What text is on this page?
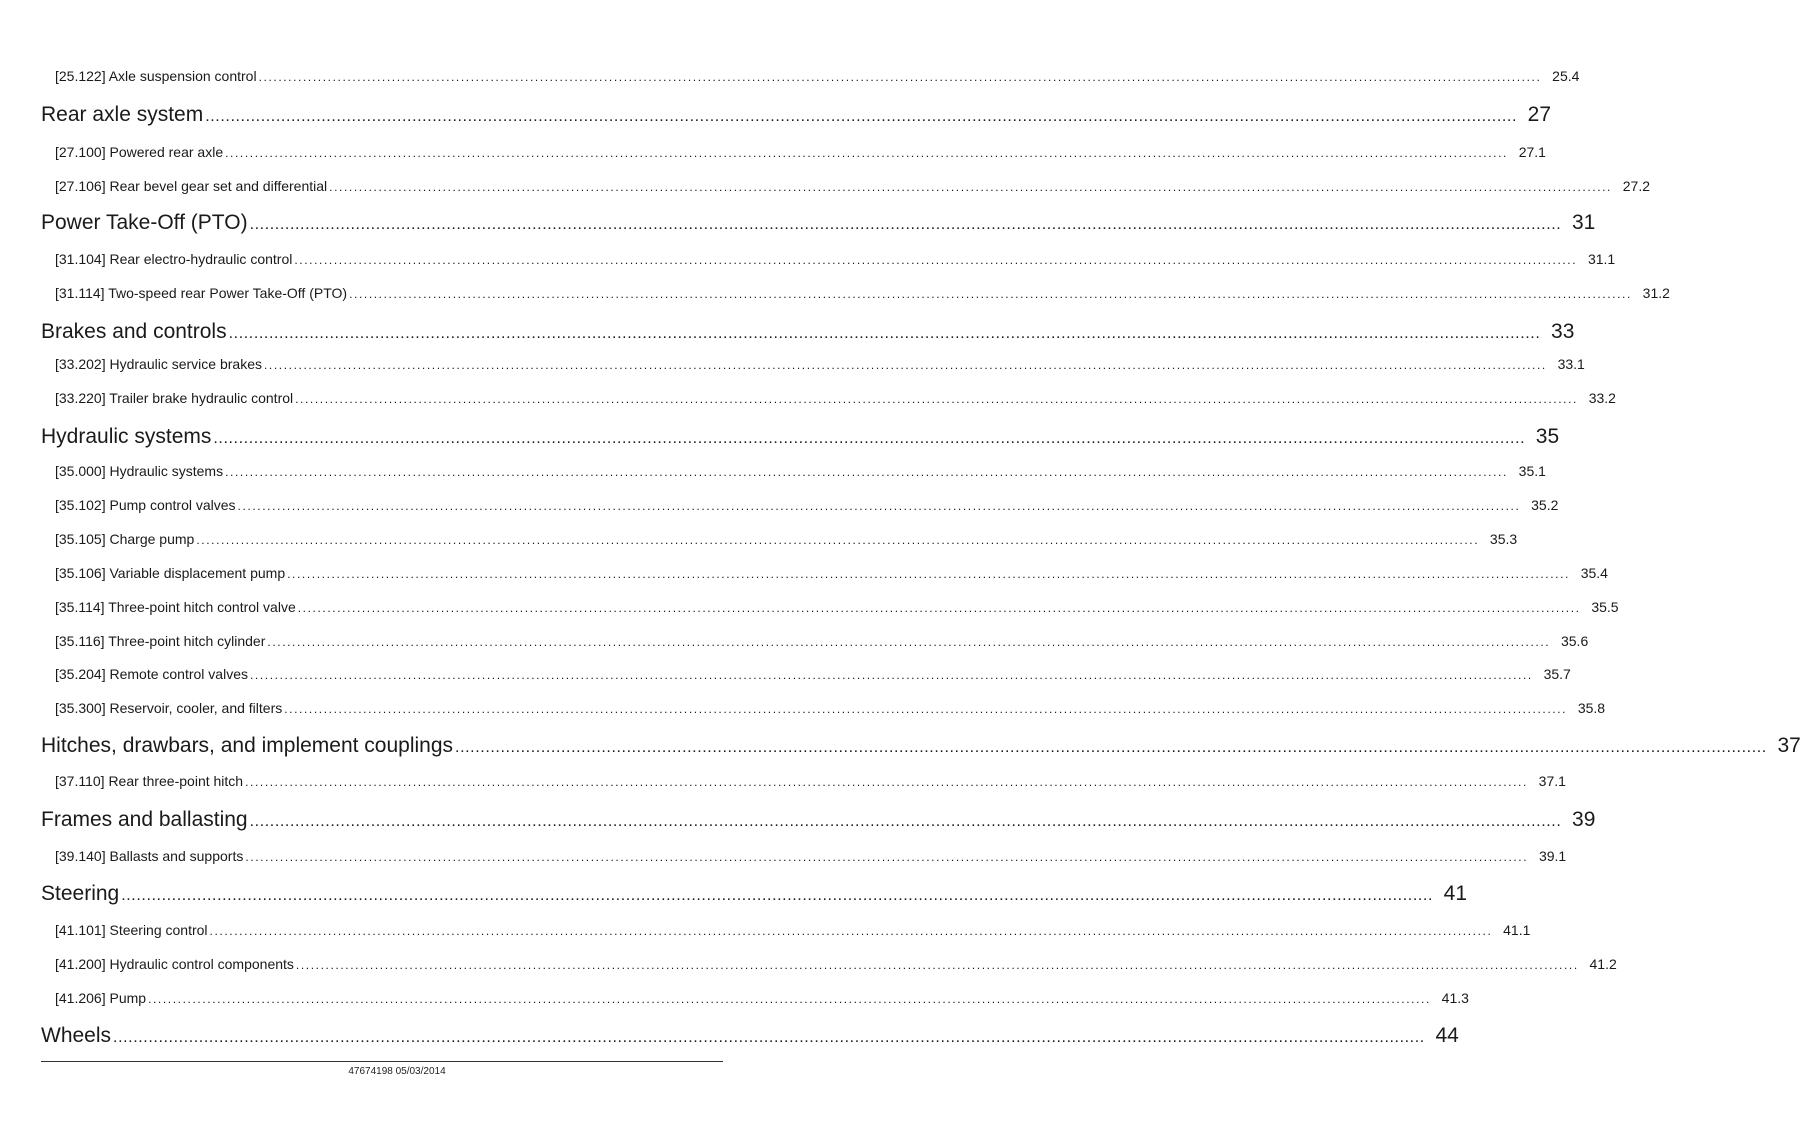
[25.122] Axle suspension control .................................................................................................................................................................................................................................................................... 25.4
Rear axle system .................................................................................................................................................................................................................................................................... 27
[27.100] Powered rear axle .................................................................................................................................................................................................................................................................... 27.1
[27.106] Rear bevel gear set and differential .................................................................................................................................................................................................................................................................... 27.2
Power Take-Off (PTO) .................................................................................................................................................................................................................................................................... 31
[31.104] Rear electro-hydraulic control .................................................................................................................................................................................................................................................................... 31.1
[31.114] Two-speed rear Power Take-Off (PTO) .................................................................................................................................................................................................................................................................... 31.2
Brakes and controls .................................................................................................................................................................................................................................................................... 33
[33.202] Hydraulic service brakes .................................................................................................................................................................................................................................................................... 33.1
[33.220] Trailer brake hydraulic control .................................................................................................................................................................................................................................................................... 33.2
Hydraulic systems .................................................................................................................................................................................................................................................................... 35
[35.000] Hydraulic systems .................................................................................................................................................................................................................................................................... 35.1
[35.102] Pump control valves .................................................................................................................................................................................................................................................................... 35.2
[35.105] Charge pump .................................................................................................................................................................................................................................................................... 35.3
[35.106] Variable displacement pump .................................................................................................................................................................................................................................................................... 35.4
[35.114] Three-point hitch control valve .................................................................................................................................................................................................................................................................... 35.5
[35.116] Three-point hitch cylinder .................................................................................................................................................................................................................................................................... 35.6
[35.204] Remote control valves .................................................................................................................................................................................................................................................................... 35.7
[35.300] Reservoir, cooler, and filters .................................................................................................................................................................................................................................................................... 35.8
Hitches, drawbars, and implement couplings .................................................................................................................................................................................................................................................................... 37
[37.110] Rear three-point hitch .................................................................................................................................................................................................................................................................... 37.1
Frames and ballasting .................................................................................................................................................................................................................................................................... 39
[39.140] Ballasts and supports .................................................................................................................................................................................................................................................................... 39.1
Steering .................................................................................................................................................................................................................................................................... 41
[41.101] Steering control .................................................................................................................................................................................................................................................................... 41.1
[41.200] Hydraulic control components .................................................................................................................................................................................................................................................................... 41.2
[41.206] Pump .................................................................................................................................................................................................................................................................... 41.3
Wheels .................................................................................................................................................................................................................................................................... 44
47674198 05/03/2014
